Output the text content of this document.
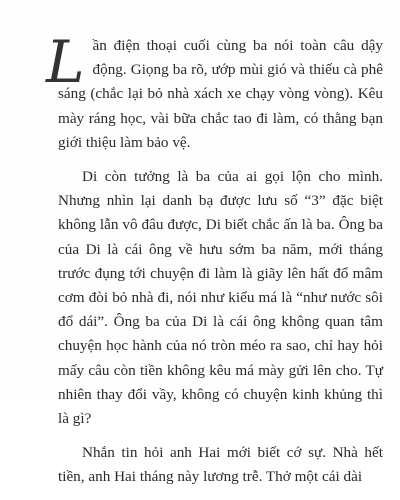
Lần điện thoại cuối cùng ba nói toàn câu dậy động. Giọng ba rõ, ướp mùi gió và thiếu cà phê sáng (chắc lại bỏ nhà xách xe chạy vòng vòng). Kêu mày ráng học, vài bữa chắc tao đi làm, có thằng bạn giới thiệu làm bảo vệ.

Di còn tưởng là ba của ai gọi lộn cho mình. Nhưng nhìn lại danh bạ được lưu số “3” đặc biệt không lẫn vô đâu được, Di biết chắc ấn là ba. Ông ba của Di là cái ông về hưu sớm ba năm, mới tháng trước đụng tới chuyện đi làm là giãy lên hất đổ mâm cơm đòi bỏ nhà đi, nói như kiểu má là “như nước sôi đổ dái”. Ông ba của Di là cái ông không quan tâm chuyện học hành của nó tròn méo ra sao, chỉ hay hỏi mấy câu còn tiền không kêu má mày gửi lên cho. Tự nhiên thay đổi vầy, không có chuyện kinh khủng thì là gì?

Nhắn tin hỏi anh Hai mới biết cớ sự. Nhà hết tiền, anh Hai tháng này lương trễ. Thở một cái dài
